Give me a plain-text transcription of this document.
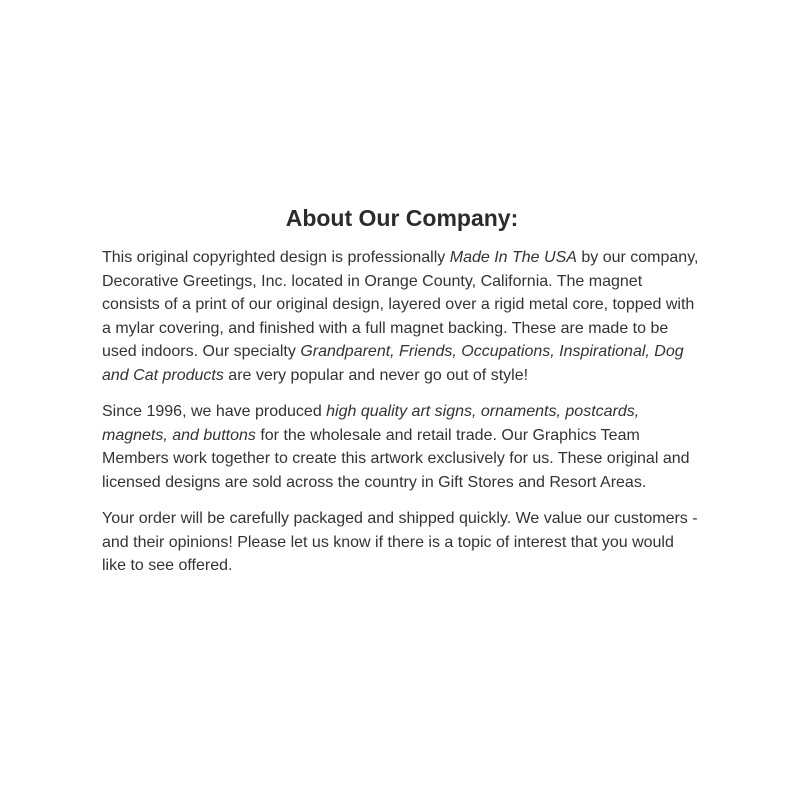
About Our Company:

This original copyrighted design is professionally Made In The USA by our company, Decorative Greetings, Inc. located in Orange County, California. The magnet consists of a print of our original design, layered over a rigid metal core, topped with a mylar covering, and finished with a full magnet backing. These are made to be used indoors. Our specialty Grandparent, Friends, Occupations, Inspirational, Dog and Cat products are very popular and never go out of style!

Since 1996, we have produced high quality art signs, ornaments, postcards, magnets, and buttons for the wholesale and retail trade. Our Graphics Team Members work together to create this artwork exclusively for us. These original and licensed designs are sold across the country in Gift Stores and Resort Areas.

Your order will be carefully packaged and shipped quickly. We value our customers - and their opinions! Please let us know if there is a topic of interest that you would like to see offered.
